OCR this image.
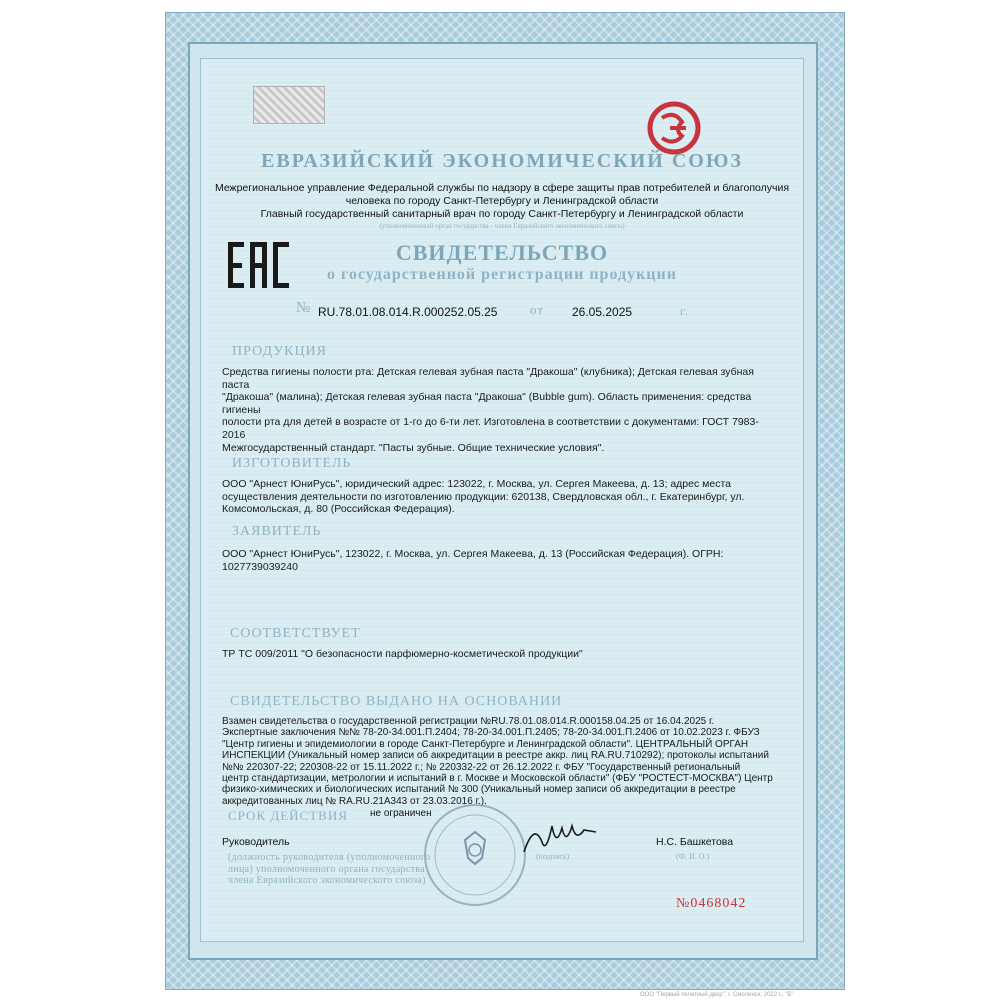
ЕВРАЗИЙСКИЙ ЭКОНОМИЧЕСКИЙ СОЮЗ
Межрегиональное управление Федеральной службы по надзору в сфере защиты прав потребителей и благополучия
человека по городу Санкт-Петербургу и Ленинградской области
Главный государственный санитарный врач по городу Санкт-Петербургу и Ленинградской области
(уполномоченный орган государства - члена Евразийского экономического союза)
СВИДЕТЕЛЬСТВО
о государственной регистрации продукции
№ RU.78.01.08.014.R.000252.05.25	от 26.05.2025	г.
ПРОДУКЦИЯ
Средства гигиены полости рта: Детская гелевая зубная паста "Дракоша" (клубника); Детская гелевая зубная паста
"Дракоша" (малина); Детская гелевая зубная паста "Дракоша" (Bubble gum). Область применения: средства гигиены
полости рта для детей в возрасте от 1-го до 6-ти лет. Изготовлена в соответствии с документами: ГОСТ 7983-2016
Межгосударственный стандарт. "Пасты зубные. Общие технические условия".
ИЗГОТОВИТЕЛЬ
ООО "Арнест ЮниРусь", юридический адрес: 123022, г. Москва, ул. Сергея Макеева, д. 13; адрес места
осуществления деятельности по изготовлению продукции: 620138, Свердловская обл., г. Екатеринбург, ул.
Комсомольская, д. 80 (Российская Федерация).
ЗАЯВИТЕЛЬ
ООО "Арнест ЮниРусь", 123022, г. Москва, ул. Сергея Макеева, д. 13 (Российская Федерация). ОГРН: 1027739039240
СООТВЕТСТВУЕТ
ТР ТС 009/2011 "О безопасности парфюмерно-косметической продукции"
СВИДЕТЕЛЬСТВО ВЫДАНО НА ОСНОВАНИИ
Взамен свидетельства о государственной регистрации №RU.78.01.08.014.R.000158.04.25 от 16.04.2025 г.
Экспертные заключения №№ 78-20-34.001.П.2404; 78-20-34.001.П.2405; 78-20-34.001.П.2406 от 10.02.2023 г. ФБУЗ
"Центр гигиены и эпидемиологии в городе Санкт-Петербурге и Ленинградской области". ЦЕНТРАЛЬНЫЙ ОРГАН
ИНСПЕКЦИИ (Уникальный номер записи об аккредитации в реестре аккр. лиц RA.RU.710292); протоколы испытаний
№№ 220307-22; 220308-22 от 15.11.2022 г.; № 220332-22 от 26.12.2022 г. ФБУ "Государственный региональный
центр стандартизации, метрологии и испытаний в г. Москве и Московской области" (ФБУ "РОСТЕСТ-МОСКВА") Центр
физико-химических и биологических испытаний № 300 (Уникальный номер записи об аккредитации в реестре
аккредитованных лиц № RA.RU.21А343 от 23.03.2016 г.).
СРОК ДЕЙСТВИЯ не ограничен
Руководитель	Н.С. Башкетова
(должность руководителя (уполномоченного
лица) уполномоченного органа государства
члена Евразийского экономического союза)
(подпись)	(Ф. И. О.)
№0468042
ООО "Первый печатный двор", г. Смоленск, 2022 г., "Б"
